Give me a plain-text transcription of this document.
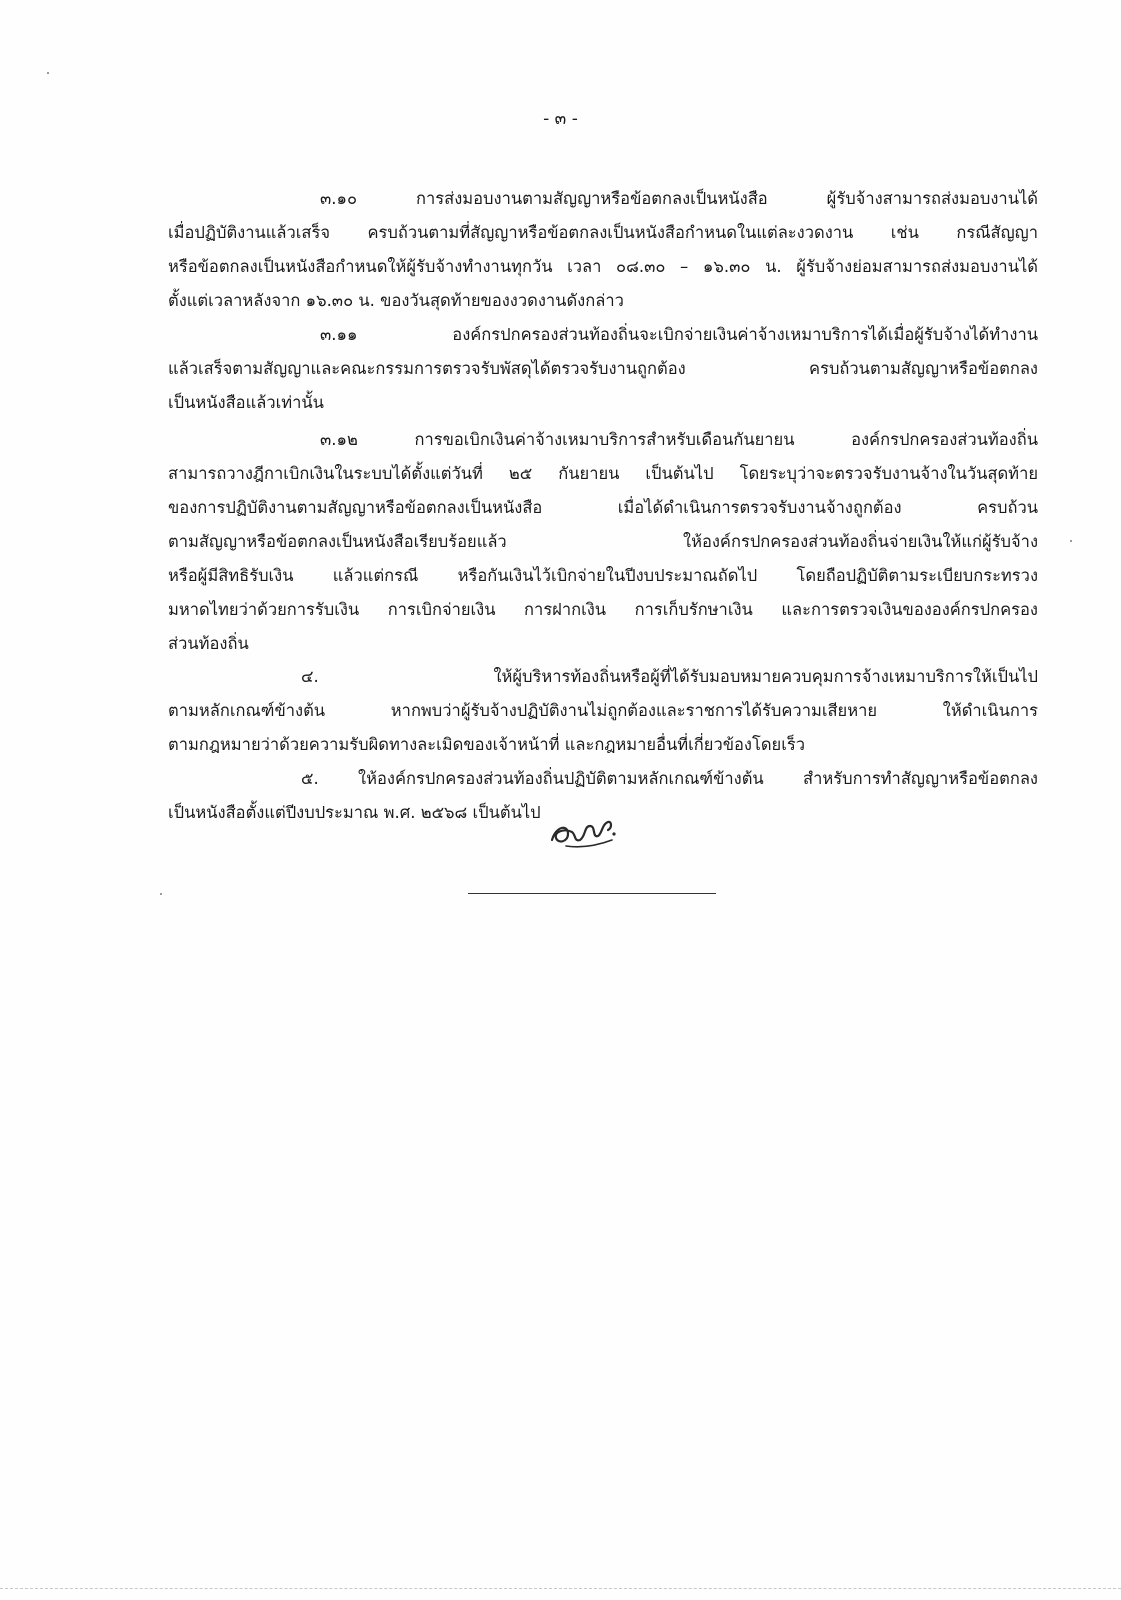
- ๓ -
๓.๑๐ การส่งมอบงานตามสัญญาหรือข้อตกลงเป็นหนังสือ ผู้รับจ้างสามารถส่งมอบงานได้
เมื่อปฏิบัติงานแล้วเสร็จ ครบถ้วนตามที่สัญญาหรือข้อตกลงเป็นหนังสือกำหนดในแต่ละงวดงาน เช่น กรณีสัญญา
หรือข้อตกลงเป็นหนังสือกำหนดให้ผู้รับจ้างทำงานทุกวัน เวลา ๐๘.๓๐ – ๑๖.๓๐ น. ผู้รับจ้างย่อมสามารถส่งมอบงานได้
ตั้งแต่เวลาหลังจาก ๑๖.๓๐ น. ของวันสุดท้ายของงวดงานดังกล่าว
๓.๑๑ องค์กรปกครองส่วนท้องถิ่นจะเบิกจ่ายเงินค่าจ้างเหมาบริการได้เมื่อผู้รับจ้างได้ทำงาน
แล้วเสร็จตามสัญญาและคณะกรรมการตรวจรับพัสดุได้ตรวจรับงานถูกต้อง ครบถ้วนตามสัญญาหรือข้อตกลง
เป็นหนังสือแล้วเท่านั้น
๓.๑๒ การขอเบิกเงินค่าจ้างเหมาบริการสำหรับเดือนกันยายน องค์กรปกครองส่วนท้องถิ่น
สามารถวางฎีกาเบิกเงินในระบบได้ตั้งแต่วันที่ ๒๕ กันยายน เป็นต้นไป โดยระบุว่าจะตรวจรับงานจ้างในวันสุดท้าย
ของการปฏิบัติงานตามสัญญาหรือข้อตกลงเป็นหนังสือ เมื่อได้ดำเนินการตรวจรับงานจ้างถูกต้อง ครบถ้วน
ตามสัญญาหรือข้อตกลงเป็นหนังสือเรียบร้อยแล้ว ให้องค์กรปกครองส่วนท้องถิ่นจ่ายเงินให้แก่ผู้รับจ้าง
หรือผู้มีสิทธิรับเงิน แล้วแต่กรณี หรือกันเงินไว้เบิกจ่ายในปีงบประมาณถัดไป โดยถือปฏิบัติตามระเบียบกระทรวง
มหาดไทยว่าด้วยการรับเงิน การเบิกจ่ายเงิน การฝากเงิน การเก็บรักษาเงิน และการตรวจเงินขององค์กรปกครอง
ส่วนท้องถิ่น
๔. ให้ผู้บริหารท้องถิ่นหรือผู้ที่ได้รับมอบหมายควบคุมการจ้างเหมาบริการให้เป็นไป
ตามหลักเกณฑ์ข้างต้น หากพบว่าผู้รับจ้างปฏิบัติงานไม่ถูกต้องและราชการได้รับความเสียหาย ให้ดำเนินการ
ตามกฎหมายว่าด้วยความรับผิดทางละเมิดของเจ้าหน้าที่ และกฎหมายอื่นที่เกี่ยวข้องโดยเร็ว
๕. ให้องค์กรปกครองส่วนท้องถิ่นปฏิบัติตามหลักเกณฑ์ข้างต้น สำหรับการทำสัญญาหรือข้อตกลง
เป็นหนังสือตั้งแต่ปีงบประมาณ พ.ศ. ๒๕๖๘ เป็นต้นไป
